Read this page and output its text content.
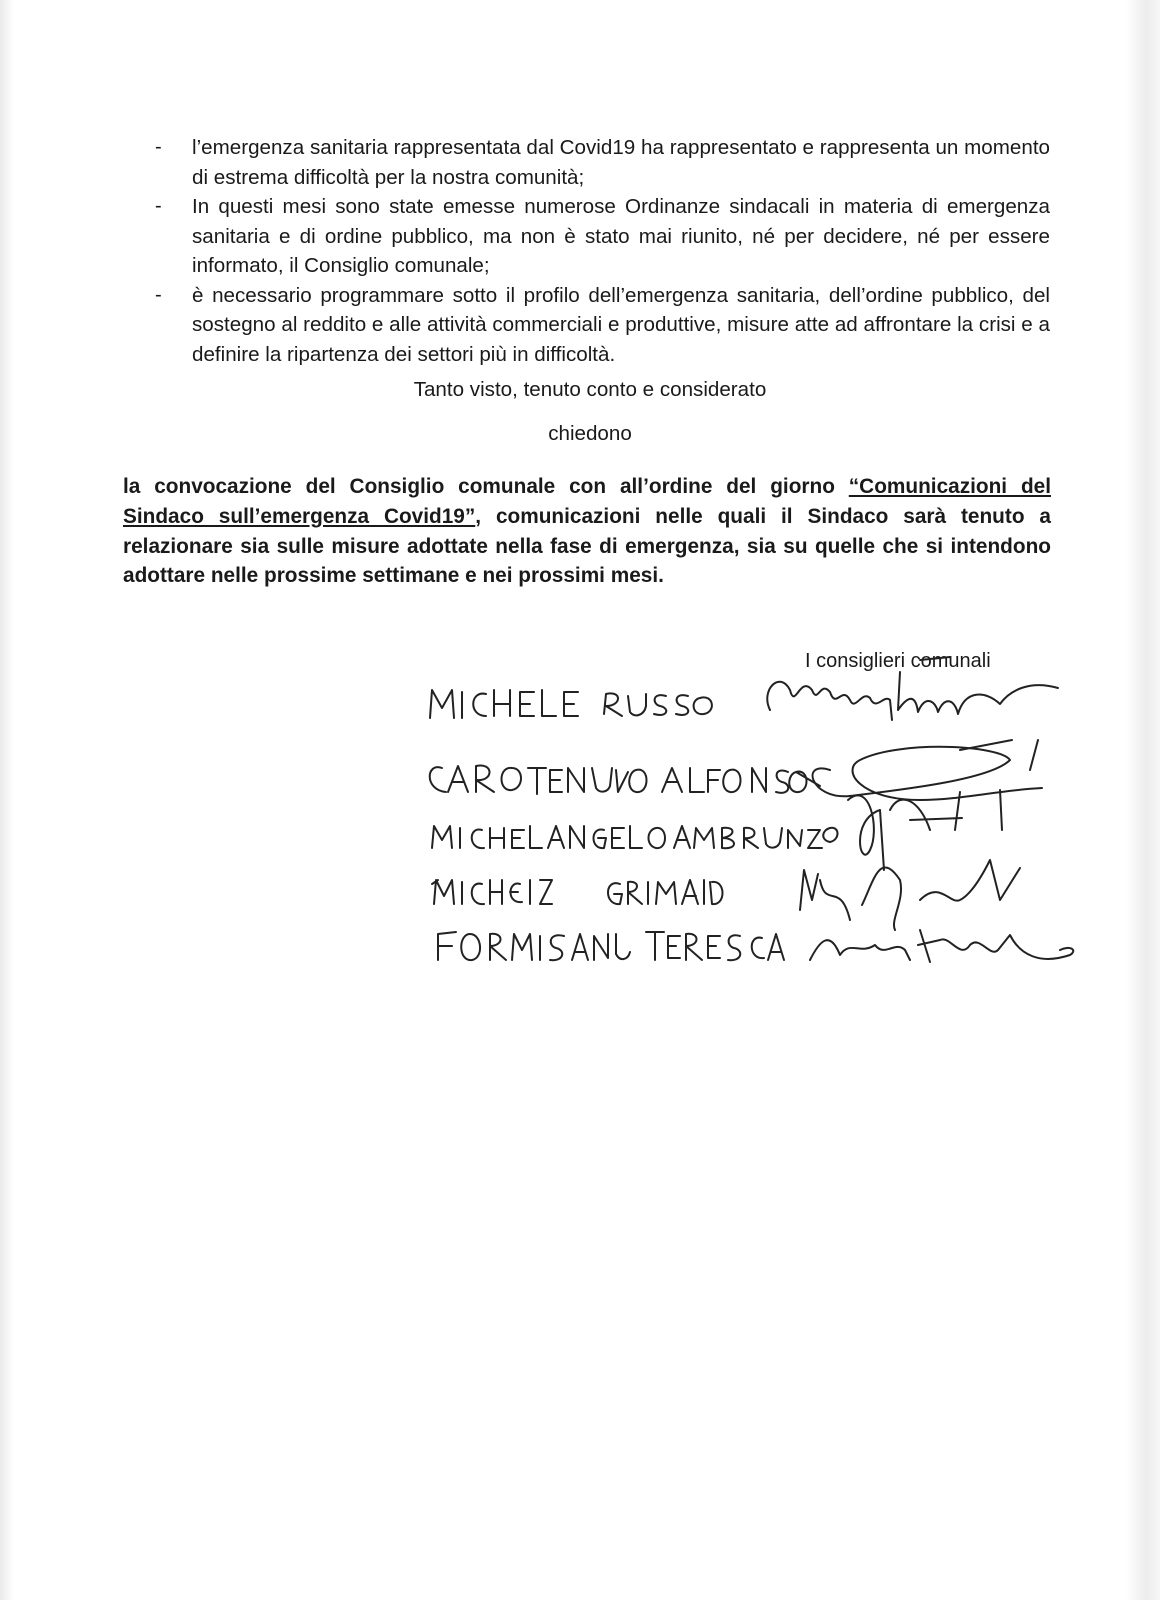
-	l’emergenza sanitaria rappresentata dal Covid19 ha rappresentato e rappresenta un momento di estrema difficoltà per la nostra comunità;

-	In questi mesi sono state emesse numerose Ordinanze sindacali in materia di emergenza sanitaria e di ordine pubblico, ma non è stato mai riunito, né per decidere, né per essere informato, il Consiglio comunale;

-	è necessario programmare sotto il profilo dell’emergenza sanitaria, dell’ordine pubblico, del sostegno al reddito e alle attività commerciali e produttive, misure atte ad affrontare la crisi e a definire la ripartenza dei settori più in difficoltà.

Tanto visto, tenuto conto e considerato
chiedono

la convocazione del Consiglio comunale con all’ordine del giorno “Comunicazioni del Sindaco sull’emergenza Covid19”, comunicazioni nelle quali il Sindaco sarà tenuto a relazionare sia sulle misure adottate nella fase di emergenza, sia su quelle che si intendono adottare nelle prossime settimane e nei prossimi mesi.

I consiglieri comunali
